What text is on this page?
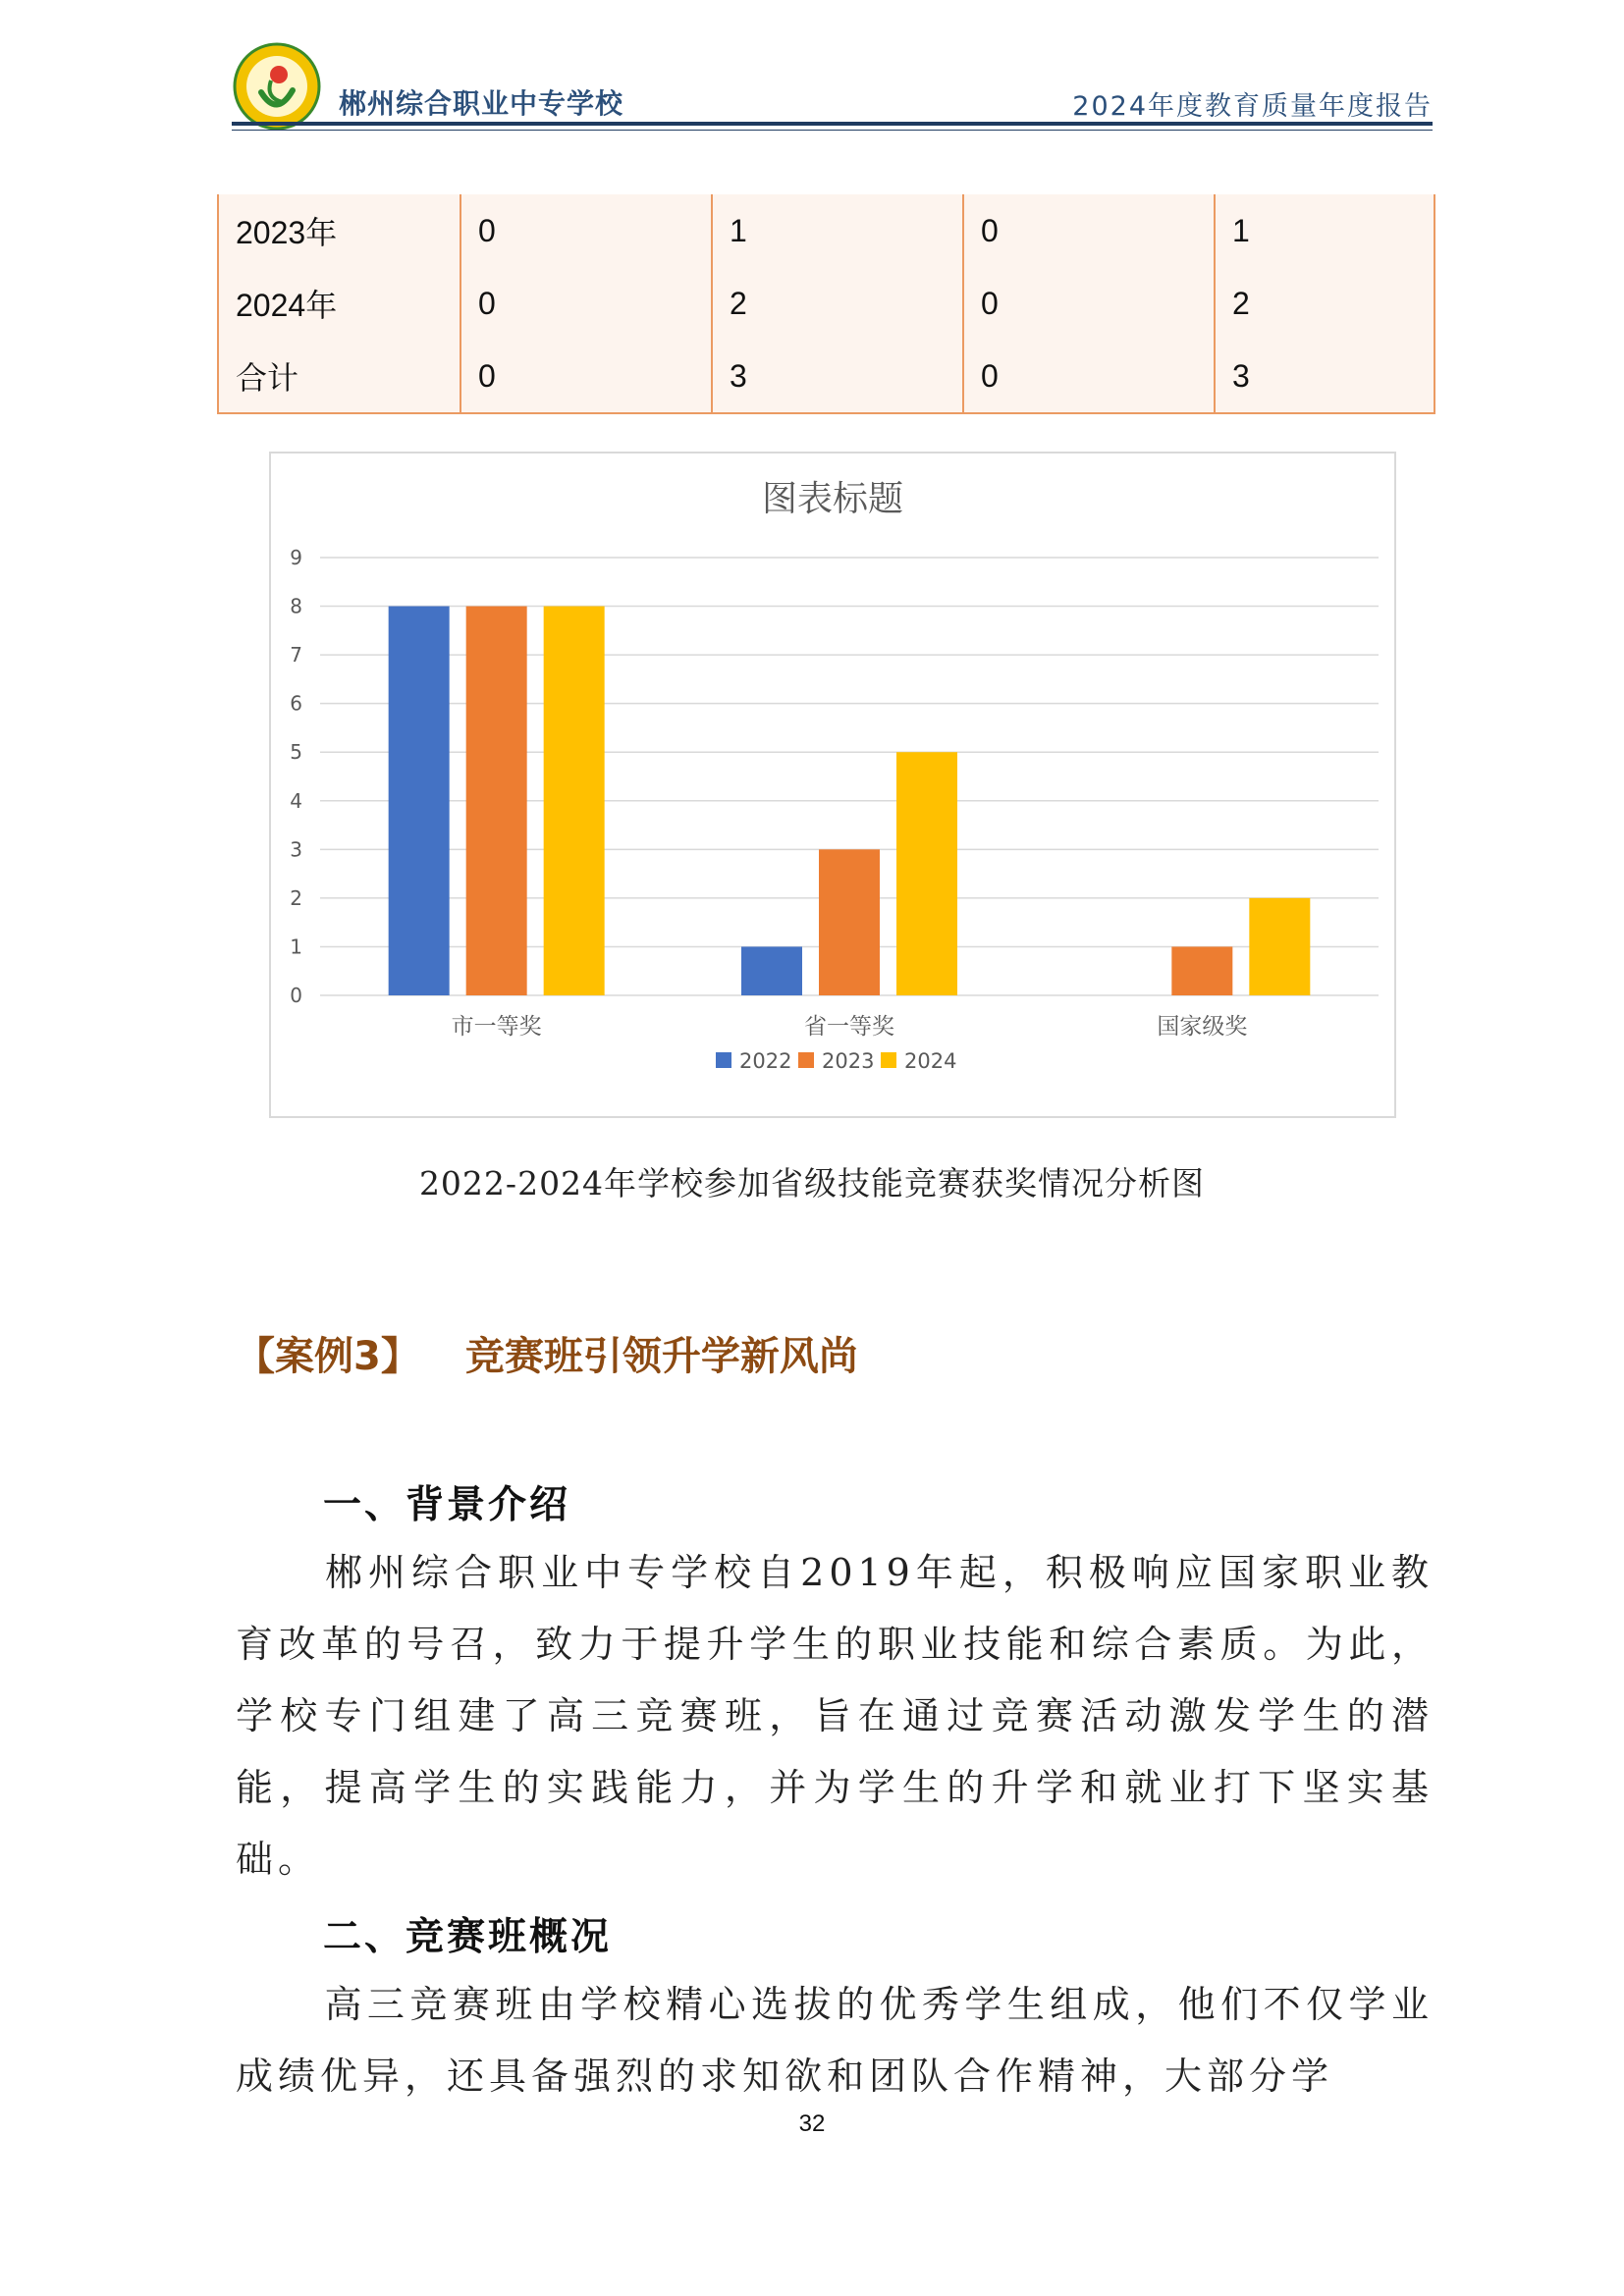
郴州综合职业中专学校	2024年度教育质量年度报告
2023年	0	1	0	1
2024年	0	2	0	2
合计	0	3	0	3
图表标题
0
1
2
3
4
5
6
7
8
9
市一等奖	省一等奖	国家级奖
2022 2023 2024
2022-2024年学校参加省级技能竞赛获奖情况分析图
【案例3】 竞赛班引领升学新风尚
一、背景介绍
郴州综合职业中专学校自2019年起，积极响应国家职业教育改革的号召，致力于提升学生的职业技能和综合素质。为此，学校专门组建了高三竞赛班，旨在通过竞赛活动激发学生的潜能，提高学生的实践能力，并为学生的升学和就业打下坚实基础。
二、竞赛班概况
高三竞赛班由学校精心选拔的优秀学生组成，他们不仅学业成绩优异，还具备强烈的求知欲和团队合作精神，大部分学
32
